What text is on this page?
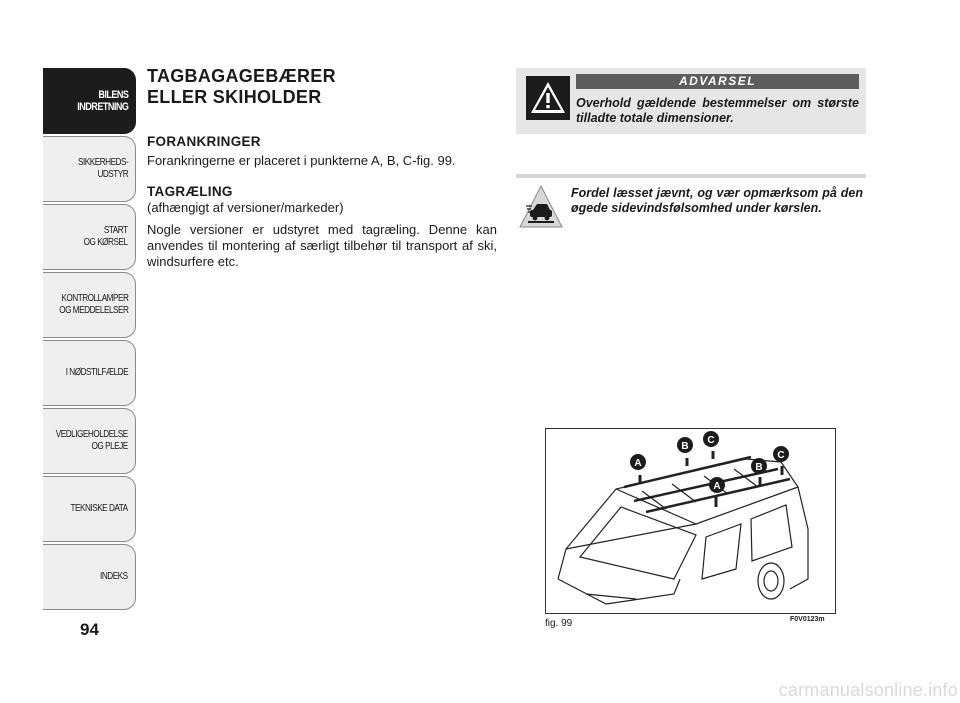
BILENS
INDRETNING
SIKKERHEDS-
UDSTYR
START
OG KØRSEL
KONTROLLAMPER
OG MEDDELELSER
I NØDSTILFÆLDE
VEDLIGEHOLDELSE
OG PLEJE
TEKNISKE DATA
INDEKS
94
TAGBAGAGEBÆRER
ELLER SKIHOLDER
FORANKRINGER

Forankringerne er placeret i punkterne A, B, C-fig. 99.

TAGRÆLING

(afhængigt af versioner/markeder)

Nogle versioner er udstyret med tagræling. Denne kan anvendes til montering af særligt tilbehør til transport af ski, windsurfere etc.

ADVARSEL
Overhold gældende bestemmelser om største tilladte totale dimensioner.
Fordel læsset jævnt, og vær opmærksom på den øgede sidevindsfølsomhed under kørslen.
A
B
C
B
C
A
fig. 99	F0V0123m
carmanualsonline.info
